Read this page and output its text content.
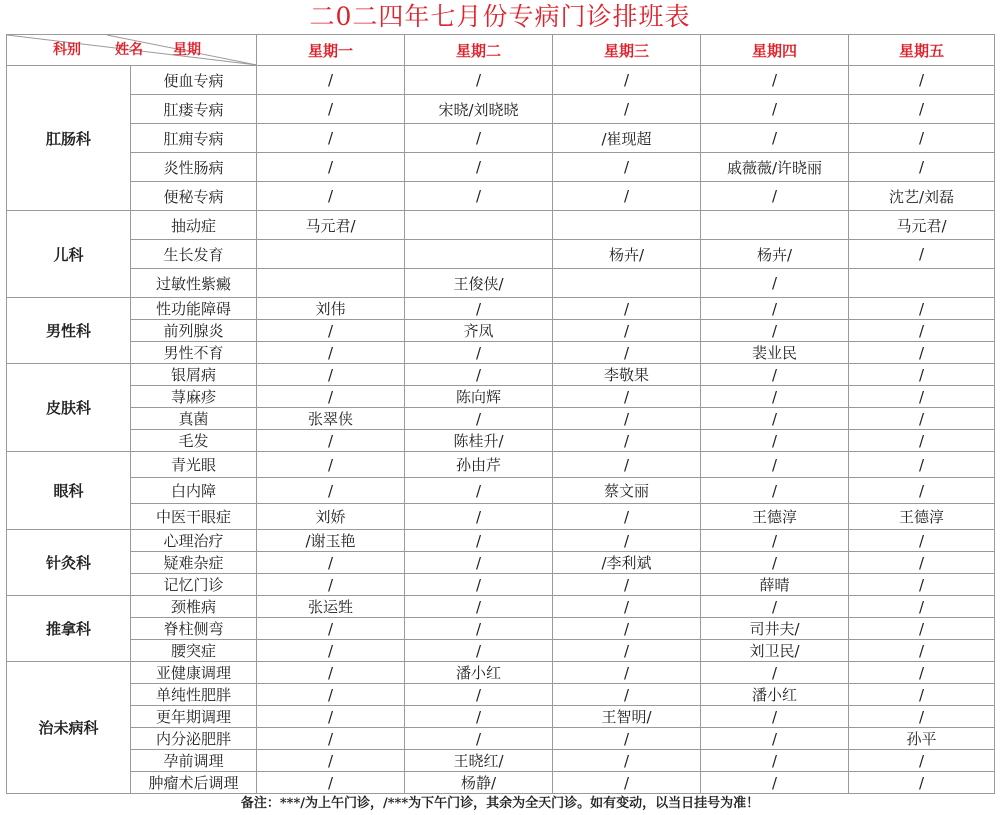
二0二四年七月份专病门诊排班表
科别 姓名 星期		星期一	星期二	星期三	星期四	星期五
肛肠科	便血专病	/	/	/	/	/
	肛瘘专病	/	宋晓/刘晓晓	/	/	/
	肛痈专病	/	/	/崔现超	/	/
	炎性肠病	/	/	/	戚薇薇/许晓丽	/
	便秘专病	/	/	/	/	沈艺/刘磊
儿科	抽动症	马元君/				马元君/
	生长发育			杨卉/	杨卉/	/
	过敏性紫癜		王俊侠/		/	
男性科	性功能障碍	刘伟	/	/	/	/
	前列腺炎	/	齐凤	/	/	/
	男性不育	/	/	/	裴业民	/
皮肤科	银屑病	/	/	李敬果	/	/
	荨麻疹	/	陈向辉	/	/	/
	真菌	张翠侠	/	/	/	/
	毛发	/	陈桂升/	/	/	/
眼科	青光眼	/	孙由芹	/	/	/
	白内障	/	/	蔡文丽	/	/
	中医干眼症	刘娇	/	/	王德淳	王德淳
针灸科	心理治疗	/谢玉艳	/	/	/	/
	疑难杂症	/	/	/李利斌	/	/
	记忆门诊	/	/	/	薛晴	/
推拿科	颈椎病	张运甡	/	/	/	/
	脊柱侧弯	/	/	/	司井夫/	/
	腰突症	/	/	/	刘卫民/	/
治未病科	亚健康调理	/	潘小红	/	/	/
	单纯性肥胖	/	/	/	潘小红	/
	更年期调理	/	/	王智明/	/	/
	内分泌肥胖	/	/	/	/	孙平
	孕前调理	/	王晓红/	/	/	/
	肿瘤术后调理	/	杨静/	/	/	/
备注：***/为上午门诊，/***为下午门诊，其余为全天门诊。如有变动，以当日挂号为准！
